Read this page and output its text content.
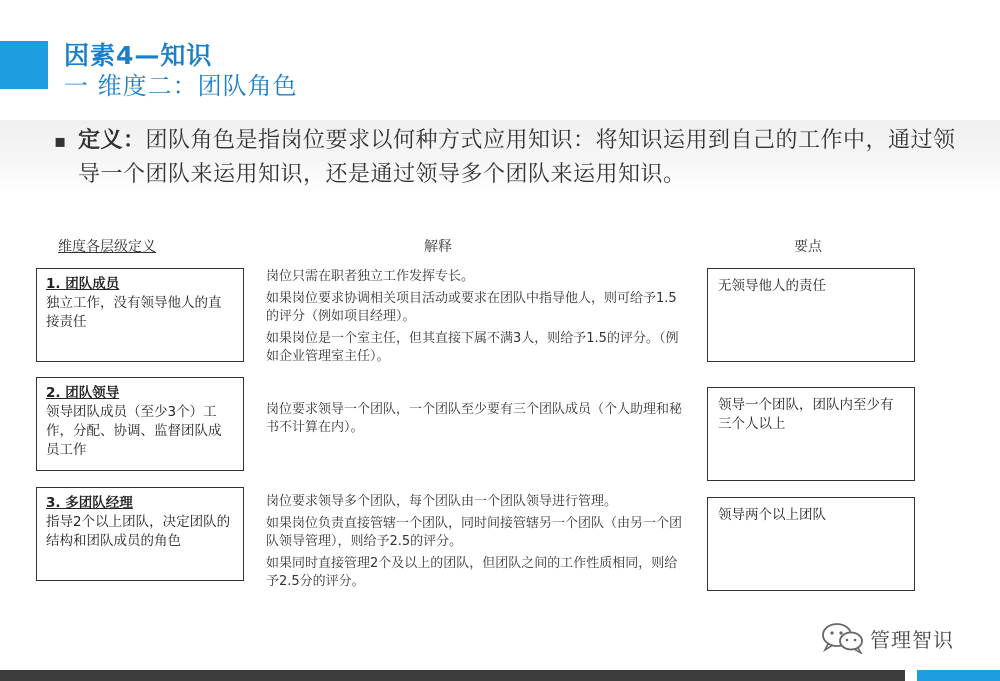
因素4—知识
一 维度二：团队角色
▪ 定义：团队角色是指岗位要求以何种方式应用知识：将知识运用到自己的工作中，通过领导一个团队来运用知识，还是通过领导多个团队来运用知识。
维度各层级定义	解释	要点
1. 团队成员
独立工作，没有领导他人的直接责任

岗位只需在职者独立工作发挥专长。

如果岗位要求协调相关项目活动或要求在团队中指导他人，则可给予1.5的评分（例如项目经理）。

如果岗位是一个室主任，但其直接下属不满3人，则给予1.5的评分。（例如企业管理室主任）。

无领导他人的责任
2. 团队领导
领导团队成员（至少3个）工作，分配、协调、监督团队成员工作

岗位要求领导一个团队，一个团队至少要有三个团队成员（个人助理和秘书不计算在内）。

领导一个团队，团队内至少有三个人以上
3. 多团队经理
指导2个以上团队，决定团队的结构和团队成员的角色

岗位要求领导多个团队，每个团队由一个团队领导进行管理。

如果岗位负责直接管辖一个团队，同时间接管辖另一个团队（由另一个团队领导管理），则给予2.5的评分。

如果同时直接管理2个及以上的团队，但团队之间的工作性质相同，则给予2.5分的评分。

领导两个以上团队
管理智识
